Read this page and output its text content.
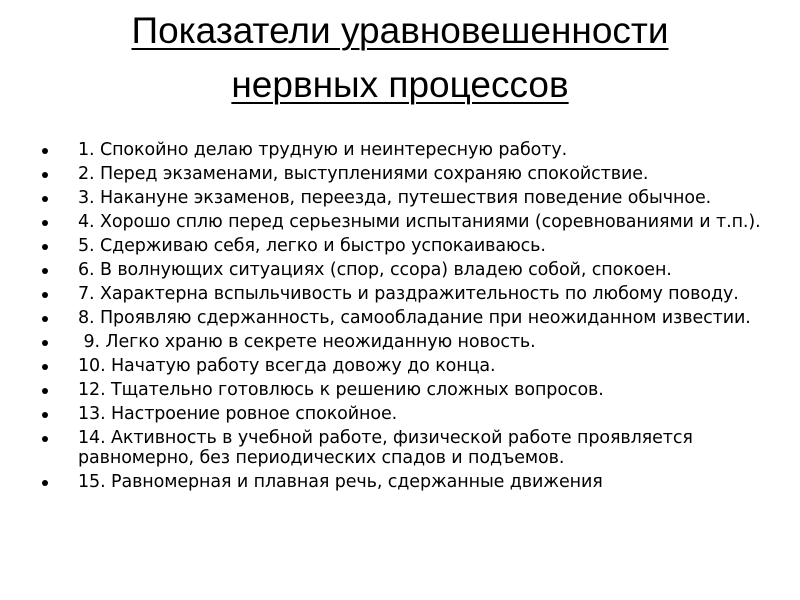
Показатели уравновешенности
нервных процессов
1. Спокойно делаю трудную и неинтересную работу.
2. Перед экзаменами, выступлениями сохраняю спокойствие.
3. Накануне экзаменов, переезда, путешествия поведение обычное.
4. Хорошо сплю перед серьезными испытаниями (соревнованиями и т.п.).
5. Сдерживаю себя, легко и быстро успокаиваюсь.
6. В волнующих ситуациях (спор, ссора) владею собой, спокоен.
7. Характерна вспыльчивость и раздражительность по любому поводу.
8. Проявляю сдержанность, самообладание при неожиданном известии.
9. Легко храню в секрете неожиданную новость.
10. Начатую работу всегда довожу до конца.
12. Тщательно готовлюсь к решению сложных вопросов.
13. Настроение ровное спокойное.
14. Активность в учебной работе, физической работе проявляется равномерно, без периодических спадов и подъемов.
15. Равномерная и плавная речь, сдержанные движения
